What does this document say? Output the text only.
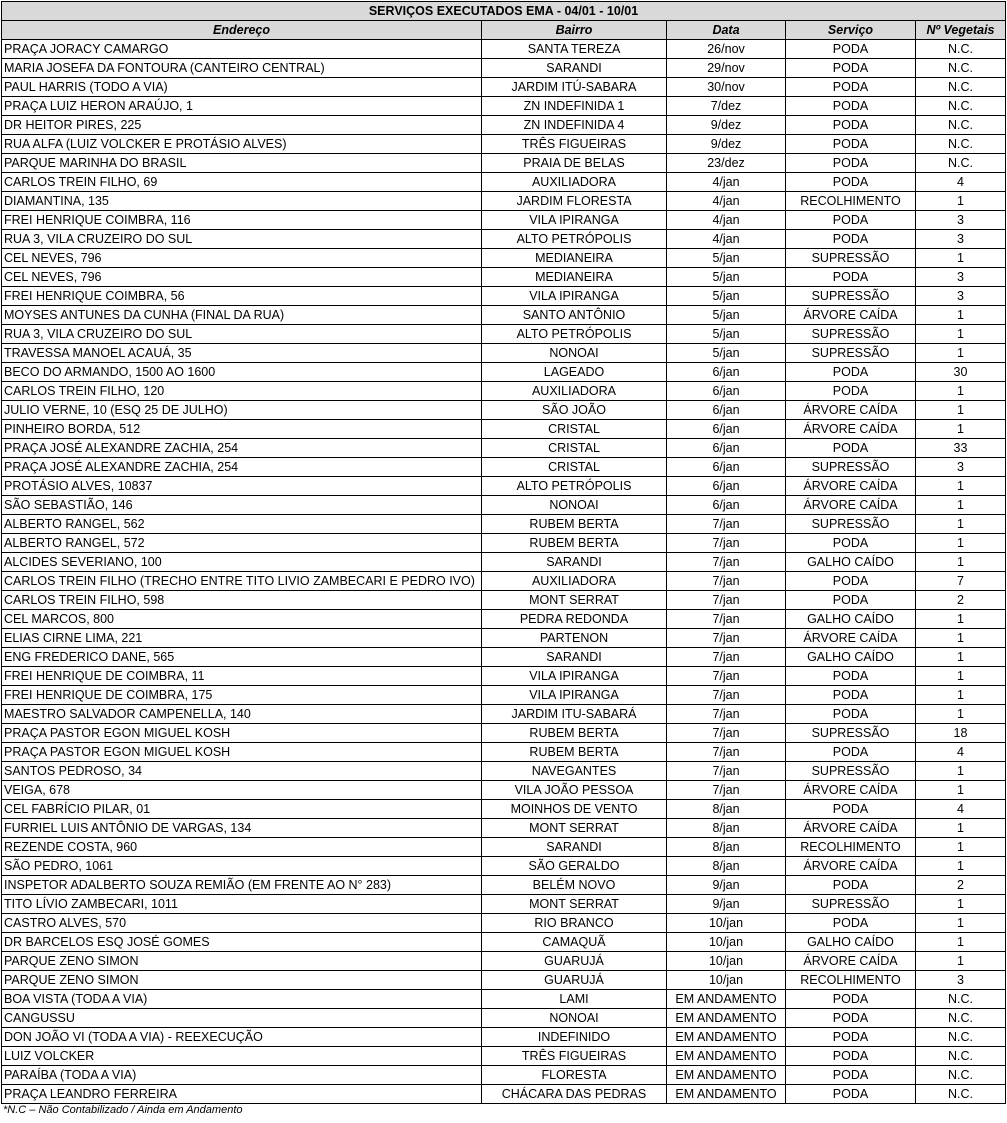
SERVIÇOS EXECUTADOS EMA - 04/01 - 10/01				
Endereço	Bairro	Data	Serviço	Nº Vegetais
PRAÇA JORACY CAMARGO	SANTA TEREZA	26/nov	PODA	N.C.
MARIA JOSEFA DA FONTOURA (CANTEIRO CENTRAL)	SARANDI	29/nov	PODA	N.C.
PAUL HARRIS (TODO A VIA)	JARDIM ITÚ-SABARA	30/nov	PODA	N.C.
PRAÇA LUIZ HERON ARAÚJO, 1	ZN INDEFINIDA 1	7/dez	PODA	N.C.
DR HEITOR PIRES, 225	ZN INDEFINIDA 4	9/dez	PODA	N.C.
RUA ALFA (LUIZ VOLCKER E PROTÁSIO ALVES)	TRÊS FIGUEIRAS	9/dez	PODA	N.C.
PARQUE MARINHA DO BRASIL	PRAIA DE BELAS	23/dez	PODA	N.C.
CARLOS TREIN FILHO, 69	AUXILIADORA	4/jan	PODA	4
DIAMANTINA, 135	JARDIM FLORESTA	4/jan	RECOLHIMENTO	1
FREI HENRIQUE COIMBRA, 116	VILA IPIRANGA	4/jan	PODA	3
RUA 3, VILA CRUZEIRO DO SUL	ALTO PETRÓPOLIS	4/jan	PODA	3
CEL NEVES, 796	MEDIANEIRA	5/jan	SUPRESSÃO	1
CEL NEVES, 796	MEDIANEIRA	5/jan	PODA	3
FREI HENRIQUE COIMBRA, 56	VILA IPIRANGA	5/jan	SUPRESSÃO	3
MOYSES ANTUNES DA CUNHA (FINAL DA RUA)	SANTO ANTÔNIO	5/jan	ÁRVORE CAÍDA	1
RUA 3, VILA CRUZEIRO DO SUL	ALTO PETRÓPOLIS	5/jan	SUPRESSÃO	1
TRAVESSA MANOEL ACAUÁ, 35	NONOAI	5/jan	SUPRESSÃO	1
BECO DO ARMANDO, 1500 AO 1600	LAGEADO	6/jan	PODA	30
CARLOS TREIN FILHO, 120	AUXILIADORA	6/jan	PODA	1
JULIO VERNE, 10 (ESQ 25 DE JULHO)	SÃO JOÃO	6/jan	ÁRVORE CAÍDA	1
PINHEIRO BORDA, 512	CRISTAL	6/jan	ÁRVORE CAÍDA	1
PRAÇA JOSÉ ALEXANDRE ZACHIA, 254	CRISTAL	6/jan	PODA	33
PRAÇA JOSÉ ALEXANDRE ZACHIA, 254	CRISTAL	6/jan	SUPRESSÃO	3
PROTÁSIO ALVES, 10837	ALTO PETRÓPOLIS	6/jan	ÁRVORE CAÍDA	1
SÃO SEBASTIÃO, 146	NONOAI	6/jan	ÁRVORE CAÍDA	1
ALBERTO RANGEL, 562	RUBEM BERTA	7/jan	SUPRESSÃO	1
ALBERTO RANGEL, 572	RUBEM BERTA	7/jan	PODA	1
ALCIDES SEVERIANO, 100	SARANDI	7/jan	GALHO CAÍDO	1
CARLOS TREIN FILHO (TRECHO ENTRE TITO LIVIO ZAMBECARI E PEDRO IVO)	AUXILIADORA	7/jan	PODA	7
CARLOS TREIN FILHO, 598	MONT SERRAT	7/jan	PODA	2
CEL MARCOS, 800	PEDRA REDONDA	7/jan	GALHO CAÍDO	1
ELIAS CIRNE LIMA, 221	PARTENON	7/jan	ÁRVORE CAÍDA	1
ENG FREDERICO DANE, 565	SARANDI	7/jan	GALHO CAÍDO	1
FREI HENRIQUE DE COIMBRA, 11	VILA IPIRANGA	7/jan	PODA	1
FREI HENRIQUE DE COIMBRA, 175	VILA IPIRANGA	7/jan	PODA	1
MAESTRO SALVADOR CAMPENELLA, 140	JARDIM ITU-SABARÁ	7/jan	PODA	1
PRAÇA PASTOR EGON MIGUEL KOSH	RUBEM BERTA	7/jan	SUPRESSÃO	18
PRAÇA PASTOR EGON MIGUEL KOSH	RUBEM BERTA	7/jan	PODA	4
SANTOS PEDROSO, 34	NAVEGANTES	7/jan	SUPRESSÃO	1
VEIGA, 678	VILA JOÃO PESSOA	7/jan	ÁRVORE CAÍDA	1
CEL FABRÍCIO PILAR, 01	MOINHOS DE VENTO	8/jan	PODA	4
FURRIEL LUIS ANTÔNIO DE VARGAS, 134	MONT SERRAT	8/jan	ÁRVORE CAÍDA	1
REZENDE COSTA, 960	SARANDI	8/jan	RECOLHIMENTO	1
SÃO PEDRO, 1061	SÃO GERALDO	8/jan	ÁRVORE CAÍDA	1
INSPETOR ADALBERTO SOUZA REMIÃO (EM FRENTE AO N° 283)	BELÉM NOVO	9/jan	PODA	2
TITO LÍVIO ZAMBECARI, 1011	MONT SERRAT	9/jan	SUPRESSÃO	1
CASTRO ALVES, 570	RIO BRANCO	10/jan	PODA	1
DR BARCELOS ESQ JOSÉ GOMES	CAMAQUÃ	10/jan	GALHO CAÍDO	1
PARQUE ZENO SIMON	GUARUJÁ	10/jan	ÁRVORE CAÍDA	1
PARQUE ZENO SIMON	GUARUJÁ	10/jan	RECOLHIMENTO	3
BOA VISTA (TODA A VIA)	LAMI	EM ANDAMENTO	PODA	N.C.
CANGUSSU	NONOAI	EM ANDAMENTO	PODA	N.C.
DON JOÃO VI (TODA A VIA) - REEXECUÇÃO	INDEFINIDO	EM ANDAMENTO	PODA	N.C.
LUIZ VOLCKER	TRÊS FIGUEIRAS	EM ANDAMENTO	PODA	N.C.
PARAÍBA (TODA A VIA)	FLORESTA	EM ANDAMENTO	PODA	N.C.
PRAÇA LEANDRO FERREIRA	CHÁCARA DAS PEDRAS	EM ANDAMENTO	PODA	N.C.
*N.C – Não Contabilizado / Ainda em Andamento
